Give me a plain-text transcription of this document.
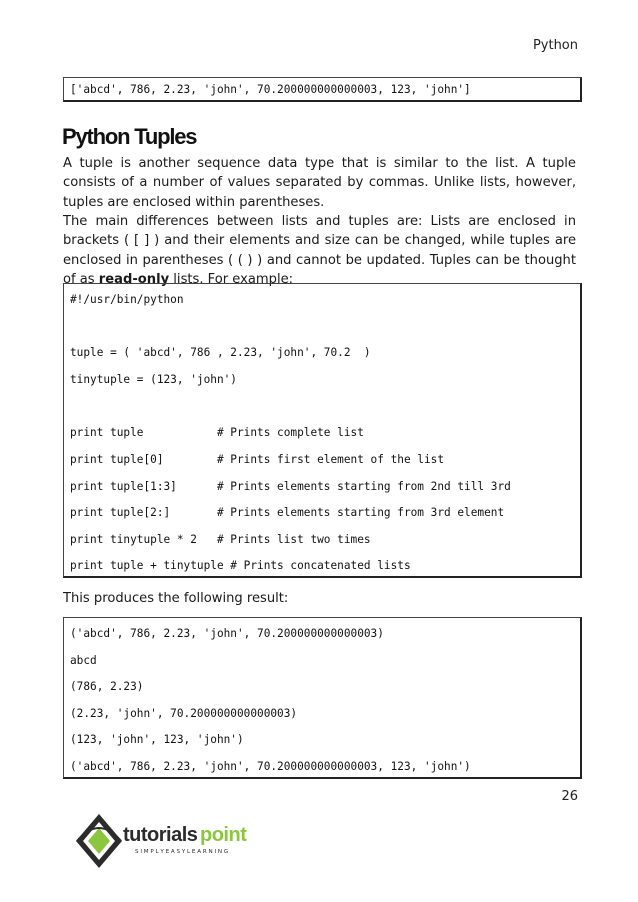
Python

['abcd', 786, 2.23, 'john', 70.200000000000003, 123, 'john']

Python Tuples
A tuple is another sequence data type that is similar to the list. A tuple consists of a number of values separated by commas. Unlike lists, however, tuples are enclosed within parentheses.
The main differences between lists and tuples are: Lists are enclosed in brackets ( [ ] ) and their elements and size can be changed, while tuples are enclosed in parentheses ( ( ) ) and cannot be updated. Tuples can be thought of as read-only lists. For example:

#!/usr/bin/python

tuple = ( 'abcd', 786 , 2.23, 'john', 70.2  )

tinytuple = (123, 'john')

print tuple           # Prints complete list

print tuple[0]        # Prints first element of the list

print tuple[1:3]      # Prints elements starting from 2nd till 3rd

print tuple[2:]       # Prints elements starting from 3rd element

print tinytuple * 2   # Prints list two times

print tuple + tinytuple # Prints concatenated lists

This produces the following result:

('abcd', 786, 2.23, 'john', 70.200000000000003)

abcd

(786, 2.23)

(2.23, 'john', 70.200000000000003)

(123, 'john', 123, 'john')

('abcd', 786, 2.23, 'john', 70.200000000000003, 123, 'john')

26
tutorials point
S I M P L Y E A S Y L E A R N I N G
